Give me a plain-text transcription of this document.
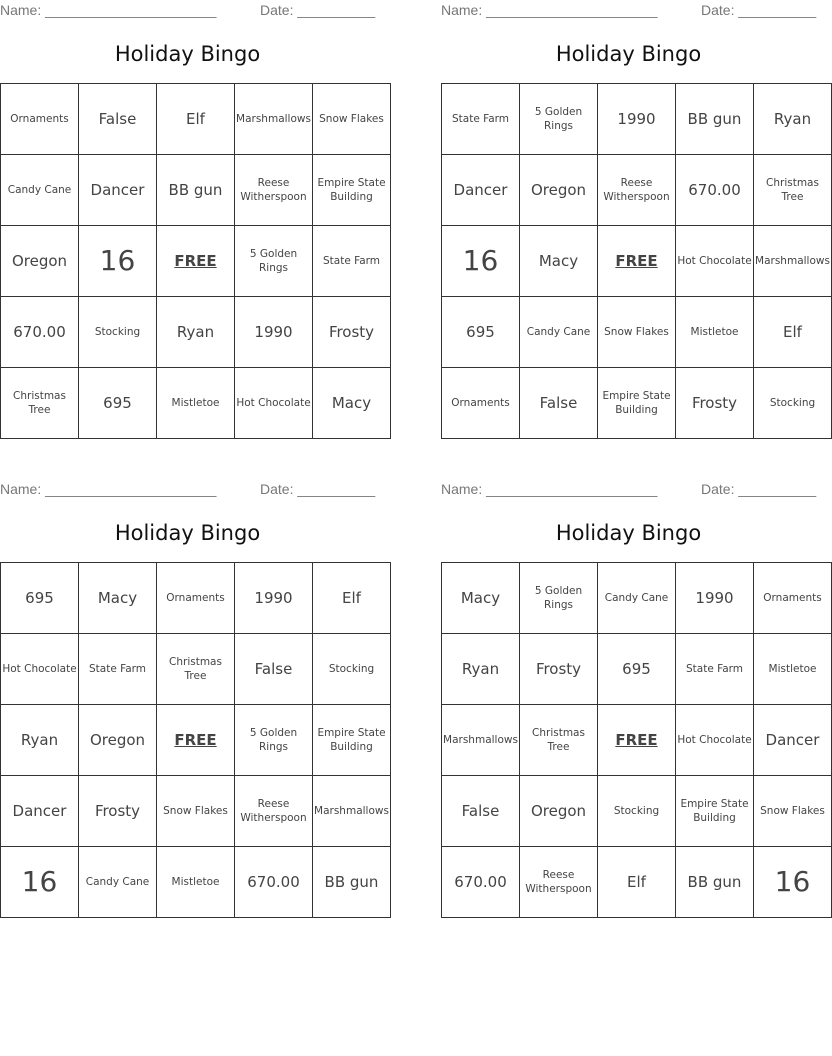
Name: ______________________	Date: __________
Holiday Bingo
Ornaments	False	Elf	Marshmallows	Snow Flakes
Candy Cane	Dancer	BB gun	Reese Witherspoon	Empire State Building
Oregon	16	FREE	5 Golden Rings	State Farm
670.00	Stocking	Ryan	1990	Frosty
Christmas Tree	695	Mistletoe	Hot Chocolate	Macy
Name: ______________________	Date: __________
Holiday Bingo
State Farm	5 Golden Rings	1990	BB gun	Ryan
Dancer	Oregon	Reese Witherspoon	670.00	Christmas Tree
16	Macy	FREE	Hot Chocolate	Marshmallows
695	Candy Cane	Snow Flakes	Mistletoe	Elf
Ornaments	False	Empire State Building	Frosty	Stocking
Name: ______________________	Date: __________
Holiday Bingo
695	Macy	Ornaments	1990	Elf
Hot Chocolate	State Farm	Christmas Tree	False	Stocking
Ryan	Oregon	FREE	5 Golden Rings	Empire State Building
Dancer	Frosty	Snow Flakes	Reese Witherspoon	Marshmallows
16	Candy Cane	Mistletoe	670.00	BB gun
Name: ______________________	Date: __________
Holiday Bingo
Macy	5 Golden Rings	Candy Cane	1990	Ornaments
Ryan	Frosty	695	State Farm	Mistletoe
Marshmallows	Christmas Tree	FREE	Hot Chocolate	Dancer
False	Oregon	Stocking	Empire State Building	Snow Flakes
670.00	Reese Witherspoon	Elf	BB gun	16
